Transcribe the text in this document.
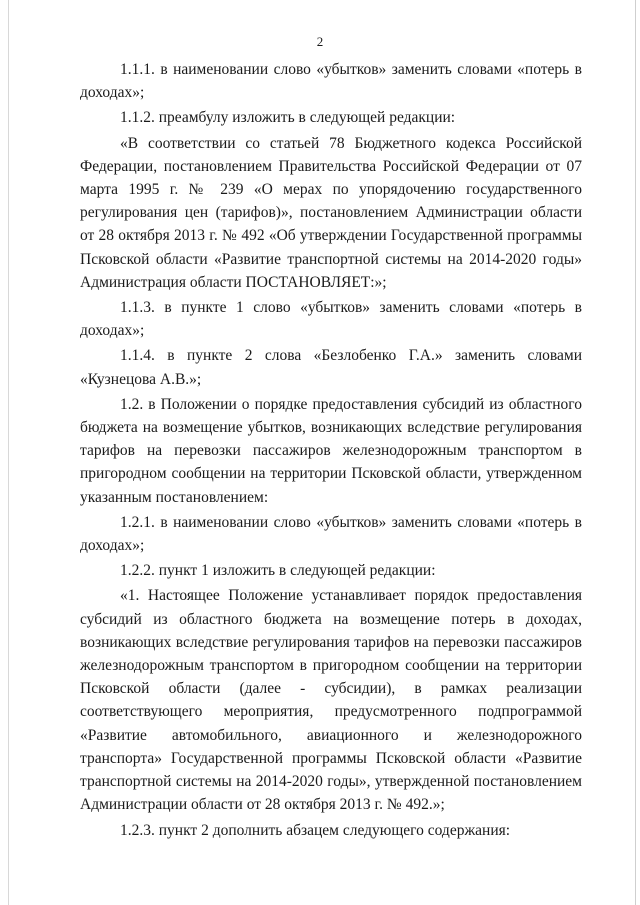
2

1.1.1. в наименовании слово «убытков» заменить словами «потерь в доходах»;

1.1.2. преамбулу изложить в следующей редакции:

«В соответствии со статьей 78 Бюджетного кодекса Российской Федерации, постановлением Правительства Российской Федерации от 07 марта 1995 г. № 239 «О мерах по упорядочению государственного регулирования цен (тарифов)», постановлением Администрации области от 28 октября 2013 г. № 492 «Об утверждении Государственной программы Псковской области «Развитие транспортной системы на 2014-2020 годы» Администрация области ПОСТАНОВЛЯЕТ:»;

1.1.3. в пункте 1 слово «убытков» заменить словами «потерь в доходах»;

1.1.4. в пункте 2 слова «Безлобенко Г.А.» заменить словами «Кузнецова А.В.»;

1.2. в Положении о порядке предоставления субсидий из областного бюджета на возмещение убытков, возникающих вследствие регулирования тарифов на перевозки пассажиров железнодорожным транспортом в пригородном сообщении на территории Псковской области, утвержденном указанным постановлением:

1.2.1. в наименовании слово «убытков» заменить словами «потерь в доходах»;

1.2.2. пункт 1 изложить в следующей редакции:

«1. Настоящее Положение устанавливает порядок предоставления субсидий из областного бюджета на возмещение потерь в доходах, возникающих вследствие регулирования тарифов на перевозки пассажиров железнодорожным транспортом в пригородном сообщении на территории Псковской области (далее - субсидии), в рамках реализации соответствующего мероприятия, предусмотренного подпрограммой «Развитие автомобильного, авиационного и железнодорожного транспорта» Государственной программы Псковской области «Развитие транспортной системы на 2014-2020 годы», утвержденной постановлением Администрации области от 28 октября 2013 г. № 492.»;

1.2.3. пункт 2 дополнить абзацем следующего содержания:
